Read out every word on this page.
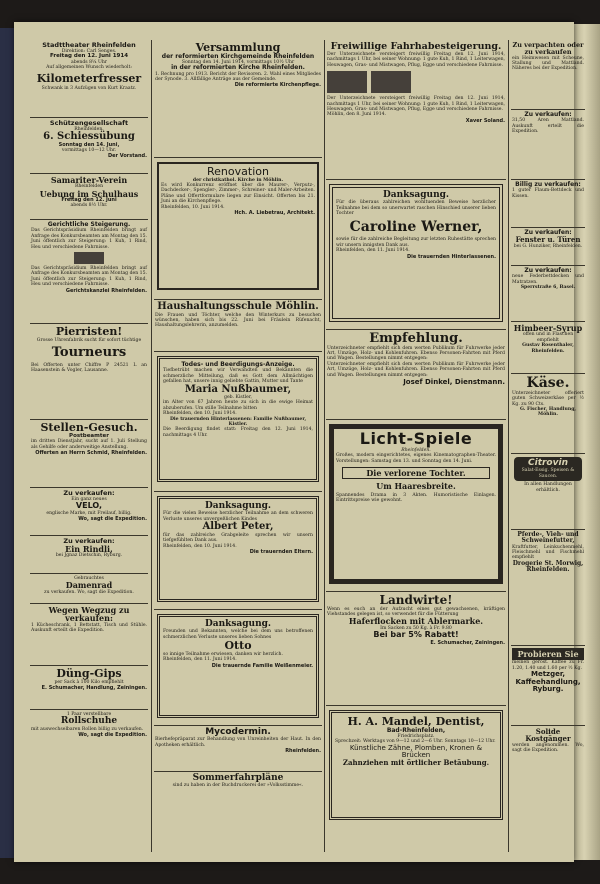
Stadttheater Rheinfelden
Direktion: Carl Senges.
Freitag den 12. Juni 1914
abends 8¼ Uhr
Auf allgemeinen Wunsch wiederholt:
Kilometerfresser
Schwank in 3 Aufzügen von Kurt Kraatz.
Schützengesellschaft
Rheinfelden.
6. Schiessübung
Sonntag den 14. Juni,
vormittags 10—12 Uhr.
Der Vorstand.
Samariter-Verein
Rheinfelden
Uebung im Schulhaus
Freitag den 12. Juni
abends 8½ Uhr.
Gerichtliche Steigerung.
Das Gerichtspräsidium Rheinfelden bringt auf Anfrage des Konkursbeamten am Montag den 15. Juni öffentlich zur Steigerung: 1 Kuh, 1 Rind, Heu und verschiedene Fahrnisse.
Das Gerichtspräsidium Rheinfelden bringt auf Anfrage des Konkursbeamten am Montag den 15. Juni öffentlich zur Steigerung: 1 Kuh, 1 Rind, Heu und verschiedene Fahrnisse.
Gerichtskanzlei Rheinfelden.
Pierristen!
Grosse Uhrenfabrik sucht für sofort tüchtige
Tourneurs
Bei Offerten unter Chiffre P 24521 L an Haasenstein & Vogler, Lausanne.
Stellen-Gesuch.
Postbeamter
im dritten Dienstjahr, sucht auf 1. Juli Stellung als Gehilfe oder anderweitige Anstellung.
Offerten an Herrn Schmid, Rheinfelden.
Zu verkaufen:
Ein ganz neues
VELO,
englische Marke, mit Freilauf, billig.
Wo, sagt die Expedition.
Zu verkaufen:
Ein Rindli,
bei Jgnaz Dietschin, Ryburg.
Gebrauchtes
Damenrad
zu verkaufen. Wo, sagt die Expedition.
Wegen Wegzug zu verkaufen:
1 Kücheschrank, 1 Bettstatt, Tisch und Stühle. Auskunft erteilt die Expedition.
Düng-Gips
per Sack à 100 Kilo empfiehlt
E. Schumacher, Handlung, Zeiningen.
1 Paar verstellbare
Rollschuhe
mit auswechselbaren Rollen billig zu verkaufen.
Wo, sagt die Expedition.
Versammlung
der reformierten Kirchgemeinde Rheinfelden
Sonntag den 14. Juni 1914, vormittags 10½ Uhr
in der reformierten Kirche Rheinfelden.
1. Rechnung pro 1913. Bericht der Revisoren. 2. Wahl eines Mitgliedes der Synode. 3. Allfällige Anträge aus der Gemeinde.
Die reformierte Kirchenpflege.
Renovation
der christkathol. Kirche in Möhlin.
Es wird Konkurrenz eröffnet über die Maurer-, Verputz-, Dachdecker-, Spengler-, Zimmer-, Schreiner- und Maler-Arbeiten. Pläne und Offertformulare liegen zur Einsicht. Offerten bis 21. Juni an die Kirchenpflege.
Rheinfelden, 10. Juni 1914.
Hch. A. Liebetrau, Architekt.
Haushaltungsschule Möhlin.
Die Frauen und Töchter, welche den Winterkurs zu besuchen wünschen, haben sich bis 22. Juni bei Fräulein Rüfenacht, Haushaltungslehrerin, anzumelden.
Todes- und Beerdigungs-Anzeige.
Tiefbetrübt machen wir Verwandten und Bekannten die schmerzliche Mitteilung, daß es Gott dem Allmächtigen gefallen hat, unsere innig geliebte Gattin, Mutter und Tante
Maria Nußbaumer,
geb. Kistler,
im Alter von 67 Jahren heute zu sich in die ewige Heimat abzuberufen. Um stille Teilnahme bitten
Rheinfelden, den 10. Juni 1914.
Die trauernden Hinterlassenen: Familie Nußbaumer, Kistler.
Die Beerdigung findet statt: Freitag den 12. Juni 1914, nachmittags 4 Uhr.
Danksagung.
Für die vielen Beweise herzlicher Teilnahme an dem schweren Verluste unseres unvergeßlichen Kindes
Albert Peter,
für das zahlreiche Grabgeleite sprechen wir unsern tiefgefühlten Dank aus.
Rheinfelden, den 10. Juni 1914.
Die trauernden Eltern.
Danksagung.
Freunden und Bekannten, welche bei dem uns betroffenen schmerzlichen Verluste unseres lieben Sohnes
Otto
so innige Teilnahme erwiesen, danken wir herzlich.
Rheinfelden, den 11. Juni 1914.
Die trauernde Familie Weißenmeier.
Mycodermin.
Bierhefepräparat zur Behandlung von Unreinheiten der Haut. In den Apotheken erhältlich.
Rheinfelden.
Sommerfahrpläne
sind zu haben in der Buchdruckerei der »Volksstimme«.
Freiwillige Fahrhabesteigerung.
Der Unterzeichnete versteigert freiwillig Freitag den 12. Juni 1914, nachmittags 1 Uhr, bei seiner Wohnung: 1 gute Kuh, 1 Rind, 1 Leiterwagen, Heuwagen, Gras- und Mistwagen, Pflug, Egge und verschiedene Fahrnisse.
Der Unterzeichnete versteigert freiwillig Freitag den 12. Juni 1914, nachmittags 1 Uhr, bei seiner Wohnung: 1 gute Kuh, 1 Rind, 1 Leiterwagen, Heuwagen, Gras- und Mistwagen, Pflug, Egge und verschiedene Fahrnisse.
Möhlin, den 8. Juni 1914.
Xaver Soland.
Danksagung.
Für die überaus zahlreichen wohltuenden Beweise herzlicher Teilnahme bei dem so unerwartet raschen Hinschied unserer lieben Tochter
Caroline Werner,
sowie für die zahlreiche Begleitung zur letzten Ruhestätte sprechen wir unsern innigsten Dank aus.
Rheinfelden, den 11. Juni 1914.
Die trauernden Hinterlassenen.
Empfehlung.
Unterzeichneter empfiehlt sich dem werten Publikum für Fuhrwerke jeder Art, Umzüge, Holz- und Kohlenfuhren. Ebenso Personen-Fahrten mit Pferd und Wagen. Bestellungen nimmt entgegen:
Unterzeichneter empfiehlt sich dem werten Publikum für Fuhrwerke jeder Art, Umzüge, Holz- und Kohlenfuhren. Ebenso Personen-Fahrten mit Pferd und Wagen. Bestellungen nimmt entgegen:
Josef Dinkel, Dienstmann.
Licht-Spiele
Rheinfelden.
Großes, modern eingerichtetes, eigenes Kinematographen-Theater. Vorstellungen: Samstag den 13. und Sonntag den 14. Juni.
Die verlorene Tochter.
Um Haaresbreite.
Spannendes Drama in 3 Akten. Humoristische Einlagen. Eintrittspreise wie gewohnt.
Landwirte!
Wenn es euch an der Aufzucht eines gut gewachsenen, kräftigen Viehstandes gelegen ist, so verwendet für die Fütterung
Haferflocken mit Ablermarke.
Im Sacken zu 50 Kg. à Fr. 9.80
Bei bar 5% Rabatt!
E. Schumacher, Zeiningen.
H. A. Mandel, Dentist,
Bad-Rheinfelden,
Friedrichsplatz.
Sprechzeit: Werktags von 9—12 und 2—6 Uhr. Sonntags 10—12 Uhr.
Künstliche Zähne, Plomben, Kronen & Brücken
Zahnziehen mit örtlicher Betäubung.
Zu verpachten oder zu verkaufen
ein Heimwesen mit Scheune, Stallung und Mattland. Näheres bei der Expedition.
Zu verkaufen:
31,50 Aren Mattland. Auskunft erteilt die Expedition.
Billig zu verkaufen:
1 guter Flaum-Bettdeck und Kissen.
Zu verkaufen:
Fenster u. Türen
bei G. Hunziker, Rheinfelden.
Zu verkaufen:
neue Federbettdecken und Matratzen.
Sperrstraße 6, Basel.
Himbeer-Syrup
offen und in Flaschen empfiehlt
Gustav Rosenthaler, Rheinfelden.
Käse.
Unterzeichneter offeriert guten Schweizerkäse per ½ Kg. zu 90 Cts.
G. Fischer, Handlung, Möhlin.
Citrovin
Salat-Essig. Speisen & Saucen.
In allen Handlungen erhältlich.
Pferde-, Vieh- und Schweinefutter,
Kraftfutter, Leinkuchenmehl, Fleischmehl und Fischmehl empfiehlt
Drogerie St. Morwig, Rheinfelden.
Probieren Sie
meinen geröst. Kaffee zu Fr. 1.20, 1.40 und 1.60 per ½ Kg.
Metzger, Kaffeehandlung, Ryburg.
Solide Kostgänger
werden angenommen. Wo, sagt die Expedition.
